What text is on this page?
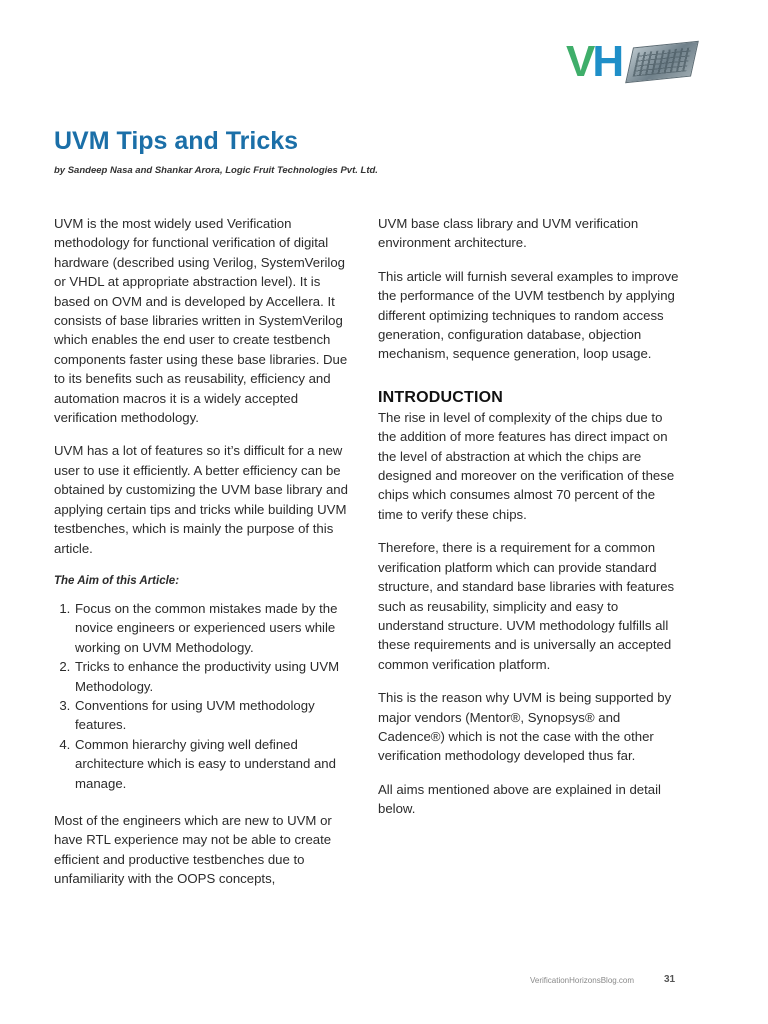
VH
UVM Tips and Tricks

by Sandeep Nasa and Shankar Arora, Logic Fruit Technologies Pvt. Ltd.

UVM is the most widely used Verification methodology for functional verification of digital hardware (described using Verilog, SystemVerilog or VHDL at appropriate abstraction level). It is based on OVM and is developed by Accellera. It consists of base libraries written in SystemVerilog which enables the end user to create testbench components faster using these base libraries. Due to its benefits such as reusability, efficiency and automation macros it is a widely accepted verification methodology.

UVM has a lot of features so it’s difficult for a new user to use it efficiently. A better efficiency can be obtained by customizing the UVM base library and applying certain tips and tricks while building UVM testbenches, which is mainly the purpose of this article.

The Aim of this Article:
1. Focus on the common mistakes made by the novice engineers or experienced users while working on UVM Methodology.
2. Tricks to enhance the productivity using UVM Methodology.
3. Conventions for using UVM methodology features.
4. Common hierarchy giving well defined architecture which is easy to understand and manage.

Most of the engineers which are new to UVM or have RTL experience may not be able to create efficient and productive testbenches due to unfamiliarity with the OOPS concepts,

UVM base class library and UVM verification environment architecture.

This article will furnish several examples to improve the performance of the UVM testbench by applying different optimizing techniques to random access generation, configuration database, objection mechanism, sequence generation, loop usage.

INTRODUCTION

The rise in level of complexity of the chips due to the addition of more features has direct impact on the level of abstraction at which the chips are designed and moreover on the verification of these chips which consumes almost 70 percent of the time to verify these chips.

Therefore, there is a requirement for a common verification platform which can provide standard structure, and standard base libraries with features such as reusability, simplicity and easy to understand structure. UVM methodology fulfills all these requirements and is universally an accepted common verification platform.

This is the reason why UVM is being supported by major vendors (Mentor®, Synopsys® and Cadence®) which is not the case with the other verification methodology developed thus far.

All aims mentioned above are explained in detail below.

VerificationHorizonsBlog.com	31
